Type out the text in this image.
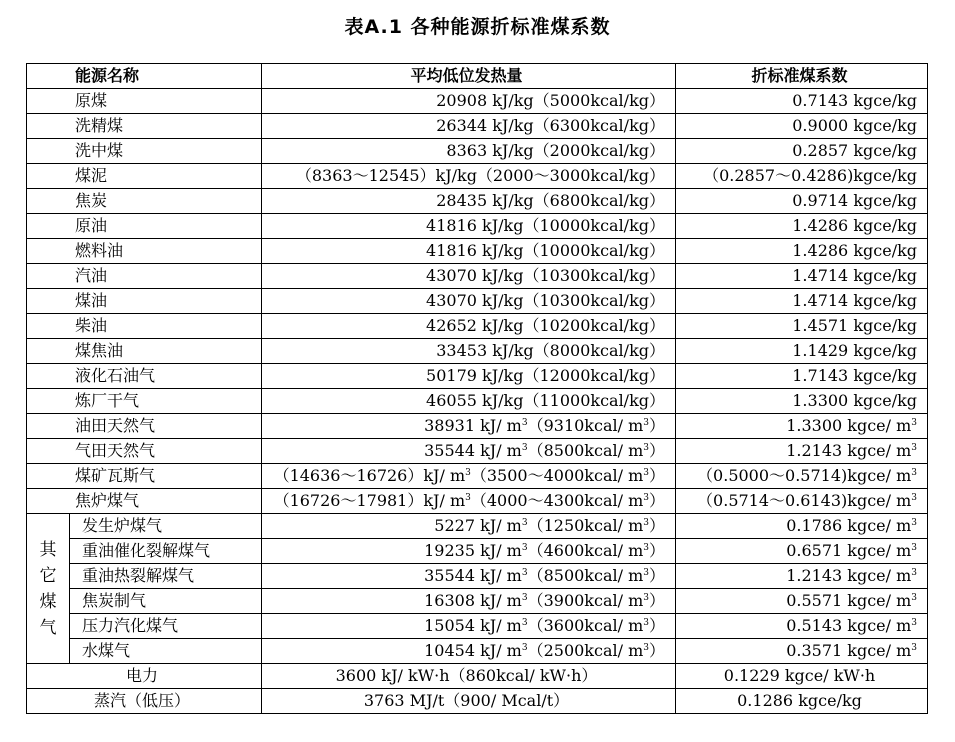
表A.1 各种能源折标准煤系数
能源名称		平均低位发热量	折标准煤系数
原煤		20908 kJ/kg（5000kcal/kg）	0.7143 kgce/kg
洗精煤		26344 kJ/kg（6300kcal/kg）	0.9000 kgce/kg
洗中煤		8363 kJ/kg（2000kcal/kg）	0.2857 kgce/kg
煤泥		（8363～12545）kJ/kg（2000～3000kcal/kg）	（0.2857～0.4286)kgce/kg
焦炭		28435 kJ/kg（6800kcal/kg）	0.9714 kgce/kg
原油		41816 kJ/kg（10000kcal/kg）	1.4286 kgce/kg
燃料油		41816 kJ/kg（10000kcal/kg）	1.4286 kgce/kg
汽油		43070 kJ/kg（10300kcal/kg）	1.4714 kgce/kg
煤油		43070 kJ/kg（10300kcal/kg）	1.4714 kgce/kg
柴油		42652 kJ/kg（10200kcal/kg）	1.4571 kgce/kg
煤焦油		33453 kJ/kg（8000kcal/kg）	1.1429 kgce/kg
液化石油气		50179 kJ/kg（12000kcal/kg）	1.7143 kgce/kg
炼厂干气		46055 kJ/kg（11000kcal/kg）	1.3300 kgce/kg
油田天然气		38931 kJ/ $m^3(9310kcal/$ $m^3$）	1.3300 kgce/ $m^3$
气田天然气		35544 kJ/ $m^3(8500kcal/$ $m^3$）	1.2143 kgce/ $m^3$
煤矿瓦斯气		（14636～16726）kJ/ $m^3(3500\sim 4000kcal/$ $m^3$）	（0.5000～0.5714)kgce/ $m^3$
焦炉煤气		（16726～17981）kJ/ $m^3(4000\sim 4300kcal/$ $m^3$）	（0.5714～0.6143)kgce/ $m^3$
其
它
煤
气	发生炉煤气	5227 kJ/ $m^3(1250kcal/$ $m^3$）	0.1786 kgce/ $m^3$
	重油催化裂解煤气	19235 kJ/ $m^3(4600kcal/$ $m^3$）	0.6571 kgce/ $m^3$
	重油热裂解煤气	35544 kJ/ $m^3(8500kcal/$ $m^3$）	1.2143 kgce/ $m^3$
	焦炭制气	16308 kJ/ $m^3(3900kcal/$ $m^3$）	0.5571 kgce/ $m^3$
	压力汽化煤气	15054 kJ/ $m^3(3600kcal/$ $m^3$）	0.5143 kgce/ $m^3$
	水煤气	10454 kJ/ $m^3(2500kcal/$ $m^3$）	0.3571 kgce/ $m^3$
电力		3600 kJ/ kW·h（860kcal/ kW·h）	0.1229 kgce/ kW·h
蒸汽（低压）		3763 MJ/t（900/ Mcal/t）	0.1286 kgce/kg
